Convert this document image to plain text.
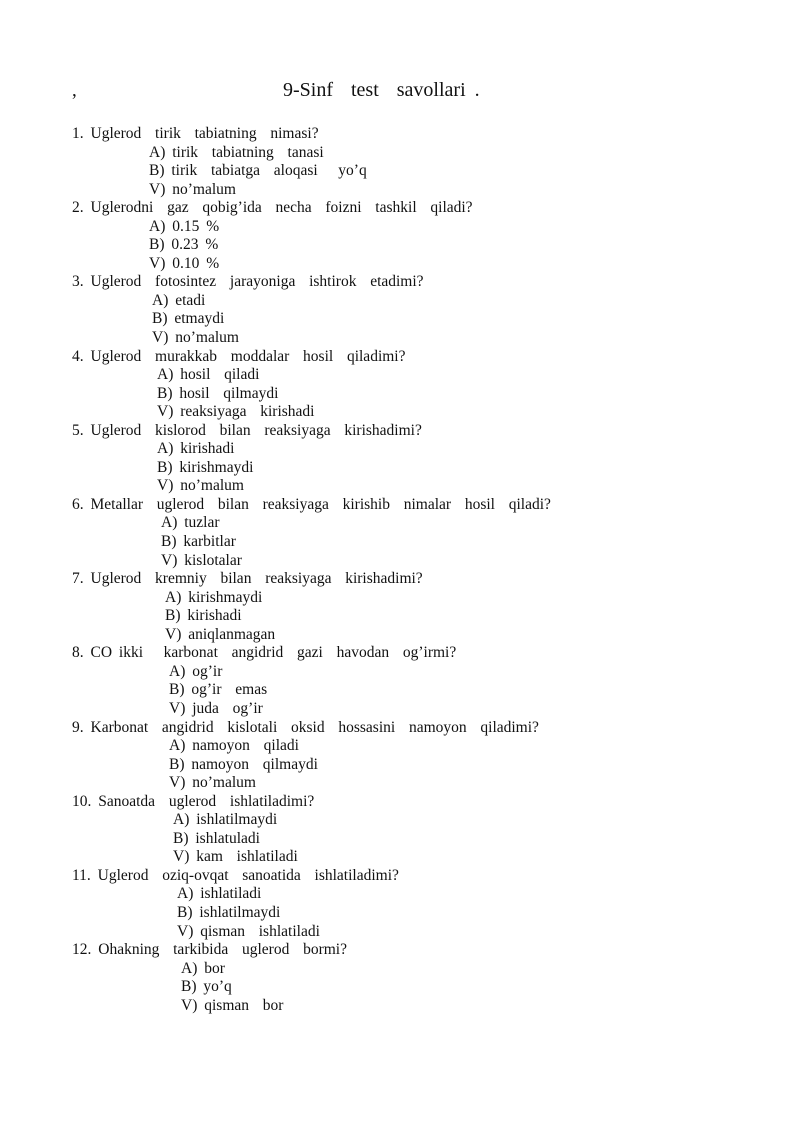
,	9-Sinf  test  savollari .
1. Uglerod  tirik  tabiatning  nimasi?
A) tirik  tabiatning  tanasi
B) tirik  tabiatga  aloqasi   yo’q
V) no’malum
2. Uglerodni  gaz  qobig’ida  necha  foizni  tashkil  qiladi?
A) 0.15 %
B) 0.23 %
V) 0.10 %
3. Uglerod  fotosintez  jarayoniga  ishtirok  etadimi?
A) etadi
B) etmaydi
V) no’malum
4. Uglerod  murakkab  moddalar  hosil  qiladimi?
A) hosil  qiladi
B) hosil  qilmaydi
V) reaksiyaga  kirishadi
5. Uglerod  kislorod  bilan  reaksiyaga  kirishadimi?
A) kirishadi
B) kirishmaydi
V) no’malum
6. Metallar  uglerod  bilan  reaksiyaga  kirishib  nimalar  hosil  qiladi?
A) tuzlar
B) karbitlar
V) kislotalar
7. Uglerod  kremniy  bilan  reaksiyaga  kirishadimi?
A) kirishmaydi
B) kirishadi
V) aniqlanmagan
8. CO ikki   karbonat  angidrid  gazi  havodan  og’irmi?
A) og’ir
B) og’ir  emas
V) juda  og’ir
9. Karbonat  angidrid  kislotali  oksid  hossasini  namoyon  qiladimi?
A) namoyon  qiladi
B) namoyon  qilmaydi
V) no’malum
10. Sanoatda  uglerod  ishlatiladimi?
A) ishlatilmaydi
B) ishlatuladi
V) kam  ishlatiladi
11. Uglerod  oziq-ovqat  sanoatida  ishlatiladimi?
A) ishlatiladi
B) ishlatilmaydi
V) qisman  ishlatiladi
12. Ohakning  tarkibida  uglerod  bormi?
A) bor
B) yo’q
V) qisman  bor
